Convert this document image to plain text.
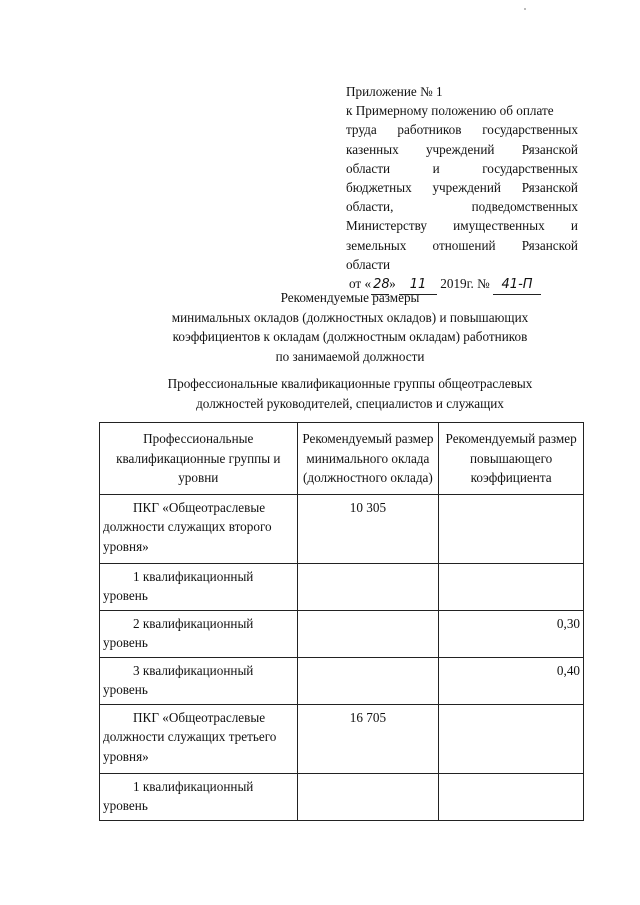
Приложение № 1
к Примерному положению об оплате
труда работников государственных
казенных учреждений Рязанской
области	и	государственных
бюджетных учреждений Рязанской
области,	подведомственных
Министерству имущественных и
земельных отношений Рязанской
области
от « 28» 11 2019г. № 41-П
Рекомендуемые размеры
минимальных окладов (должностных окладов) и повышающих
коэффициентов к окладам (должностным окладам) работников
по занимаемой должности
Профессиональные квалификационные группы общеотраслевых
должностей руководителей, специалистов и служащих
Профессиональные квалификационные группы и уровни	Рекомендуемый размер минимального оклада (должностного оклада)	Рекомендуемый размер повышающего коэффициента

ПКГ «Общеотраслевые должности служащих второго уровня»	10 305	

1 квалификационный уровень		

2 квалификационный уровень		0,30

3 квалификационный уровень		0,40

ПКГ «Общеотраслевые должности служащих третьего уровня»	16 705	

1 квалификационный уровень		
